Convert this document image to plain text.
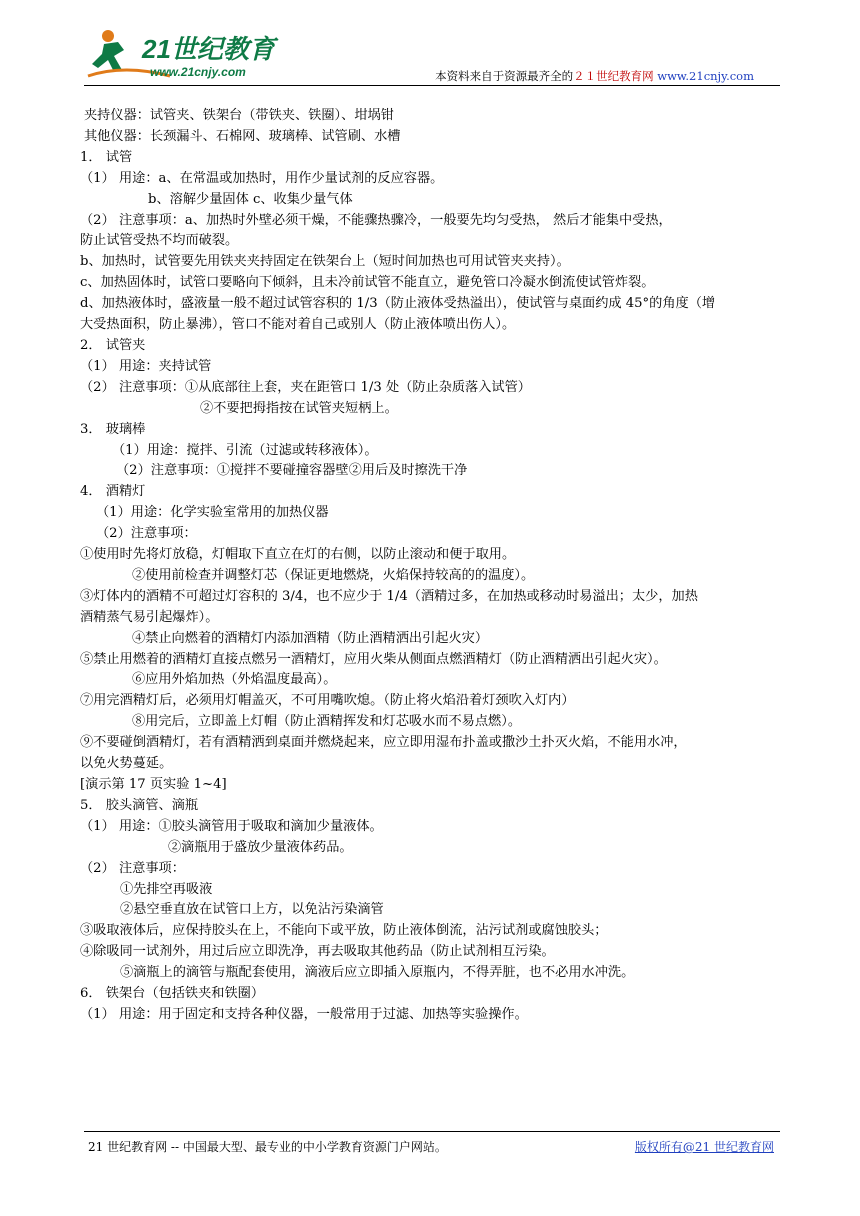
21世纪教育
www.21cnjy.com	本资料来自于资源最齐全的２１世纪教育网 www.21cnjy.com
夹持仪器：试管夹、铁架台（带铁夹、铁圈）、坩埚钳
其他仪器：长颈漏斗、石棉网、玻璃棒、试管刷、水槽
1． 试管
（1） 用途：a、在常温或加热时，用作少量试剂的反应容器。
b、溶解少量固体 c、收集少量气体
（2） 注意事项：a、加热时外壁必须干燥，不能骤热骤冷，一般要先均匀受热， 然后才能集中受热，
防止试管受热不均而破裂。
b、加热时，试管要先用铁夹夹持固定在铁架台上（短时间加热也可用试管夹夹持）。
c、加热固体时，试管口要略向下倾斜，且未冷前试管不能直立，避免管口冷凝水倒流使试管炸裂。
d、加热液体时，盛液量一般不超过试管容积的 1/3（防止液体受热溢出），使试管与桌面约成 45°的角度（增
大受热面积，防止暴沸），管口不能对着自己或别人（防止液体喷出伤人）。
2． 试管夹
（1） 用途：夹持试管
（2） 注意事项：①从底部往上套，夹在距管口 1/3 处（防止杂质落入试管）
②不要把拇指按在试管夹短柄上。
3． 玻璃棒
（1）用途：搅拌、引流（过滤或转移液体）。
（2）注意事项：①搅拌不要碰撞容器壁②用后及时擦洗干净
4． 酒精灯
（1）用途：化学实验室常用的加热仪器
（2）注意事项：
①使用时先将灯放稳，灯帽取下直立在灯的右侧，以防止滚动和便于取用。
②使用前检查并调整灯芯（保证更地燃烧，火焰保持较高的的温度）。
③灯体内的酒精不可超过灯容积的 3/4，也不应少于 1/4（酒精过多，在加热或移动时易溢出；太少，加热
酒精蒸气易引起爆炸）。
④禁止向燃着的酒精灯内添加酒精（防止酒精洒出引起火灾）
⑤禁止用燃着的酒精灯直接点燃另一酒精灯，应用火柴从侧面点燃酒精灯（防止酒精洒出引起火灾）。
⑥应用外焰加热（外焰温度最高）。
⑦用完酒精灯后，必须用灯帽盖灭，不可用嘴吹熄。（防止将火焰沿着灯颈吹入灯内）
⑧用完后，立即盖上灯帽（防止酒精挥发和灯芯吸水而不易点燃）。
⑨不要碰倒酒精灯，若有酒精洒到桌面并燃烧起来，应立即用湿布扑盖或撒沙土扑灭火焰，不能用水冲，
以免火势蔓延。
[演示第 17 页实验 1~4]
5． 胶头滴管、滴瓶
（1） 用途：①胶头滴管用于吸取和滴加少量液体。
②滴瓶用于盛放少量液体药品。
（2） 注意事项：
①先排空再吸液
②悬空垂直放在试管口上方，以免沾污染滴管
③吸取液体后，应保持胶头在上，不能向下或平放，防止液体倒流，沾污试剂或腐蚀胶头；
④除吸同一试剂外，用过后应立即洗净，再去吸取其他药品（防止试剂相互污染。
⑤滴瓶上的滴管与瓶配套使用，滴液后应立即插入原瓶内，不得弄脏，也不必用水冲洗。
6． 铁架台（包括铁夹和铁圈）
（1） 用途：用于固定和支持各种仪器，一般常用于过滤、加热等实验操作。
21 世纪教育网 -- 中国最大型、最专业的中小学教育资源门户网站。	版权所有@21 世纪教育网
